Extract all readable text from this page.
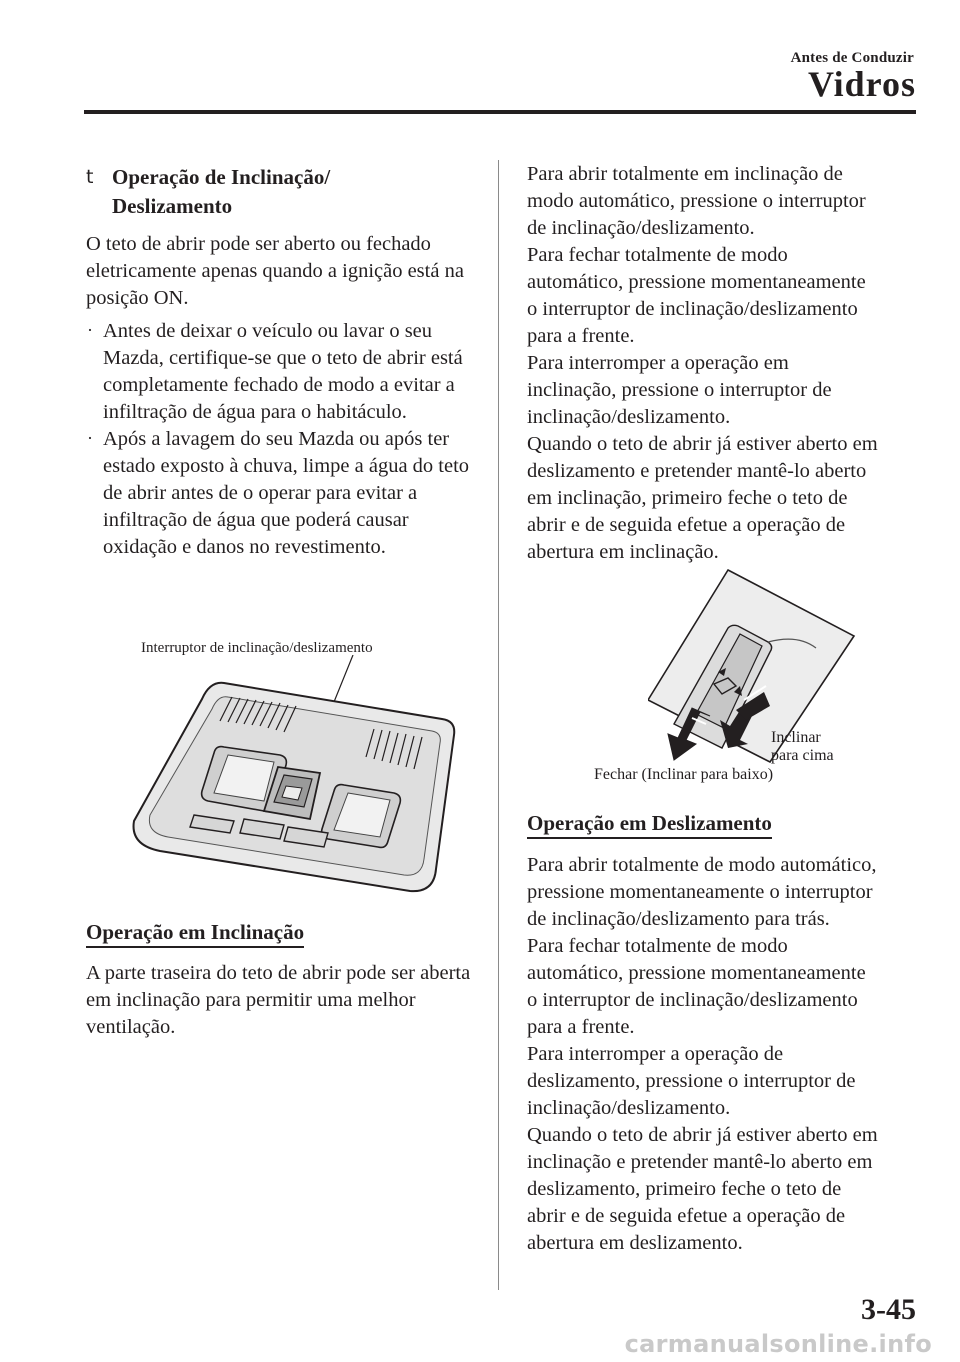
Antes de Conduzir
Vidros
t Operação de Inclinação/
Deslizamento
O teto de abrir pode ser aberto ou fechado eletricamente apenas quando a ignição está na posição ON.
· Antes de deixar o veículo ou lavar o seu Mazda, certifique-se que o teto de abrir está completamente fechado de modo a evitar a infiltração de água para o habitáculo.
· Após a lavagem do seu Mazda ou após ter estado exposto à chuva, limpe a água do teto de abrir antes de o operar para evitar a infiltração de água que poderá causar oxidação e danos no revestimento.
Interruptor de inclinação/deslizamento
Operação em Inclinação
A parte traseira do teto de abrir pode ser aberta em inclinação para permitir uma melhor ventilação.
Para abrir totalmente em inclinação de
modo automático, pressione o interruptor
de inclinação/deslizamento.
Para fechar totalmente de modo
automático, pressione momentaneamente
o interruptor de inclinação/deslizamento
para a frente.
Para interromper a operação em
inclinação, pressione o interruptor de
inclinação/deslizamento.
Quando o teto de abrir já estiver aberto em
deslizamento e pretender mantê-lo aberto
em inclinação, primeiro feche o teto de
abrir e de seguida efetue a operação de
abertura em inclinação.
Inclinar
para cima
Fechar (Inclinar para baixo)
Operação em Deslizamento
Para abrir totalmente de modo automático,
pressione momentaneamente o interruptor
de inclinação/deslizamento para trás.
Para fechar totalmente de modo
automático, pressione momentaneamente
o interruptor de inclinação/deslizamento
para a frente.
Para interromper a operação de
deslizamento, pressione o interruptor de
inclinação/deslizamento.
Quando o teto de abrir já estiver aberto em
inclinação e pretender mantê-lo aberto em
deslizamento, primeiro feche o teto de
abrir e de seguida efetue a operação de
abertura em deslizamento.
3-45
carmanualsonline.info
